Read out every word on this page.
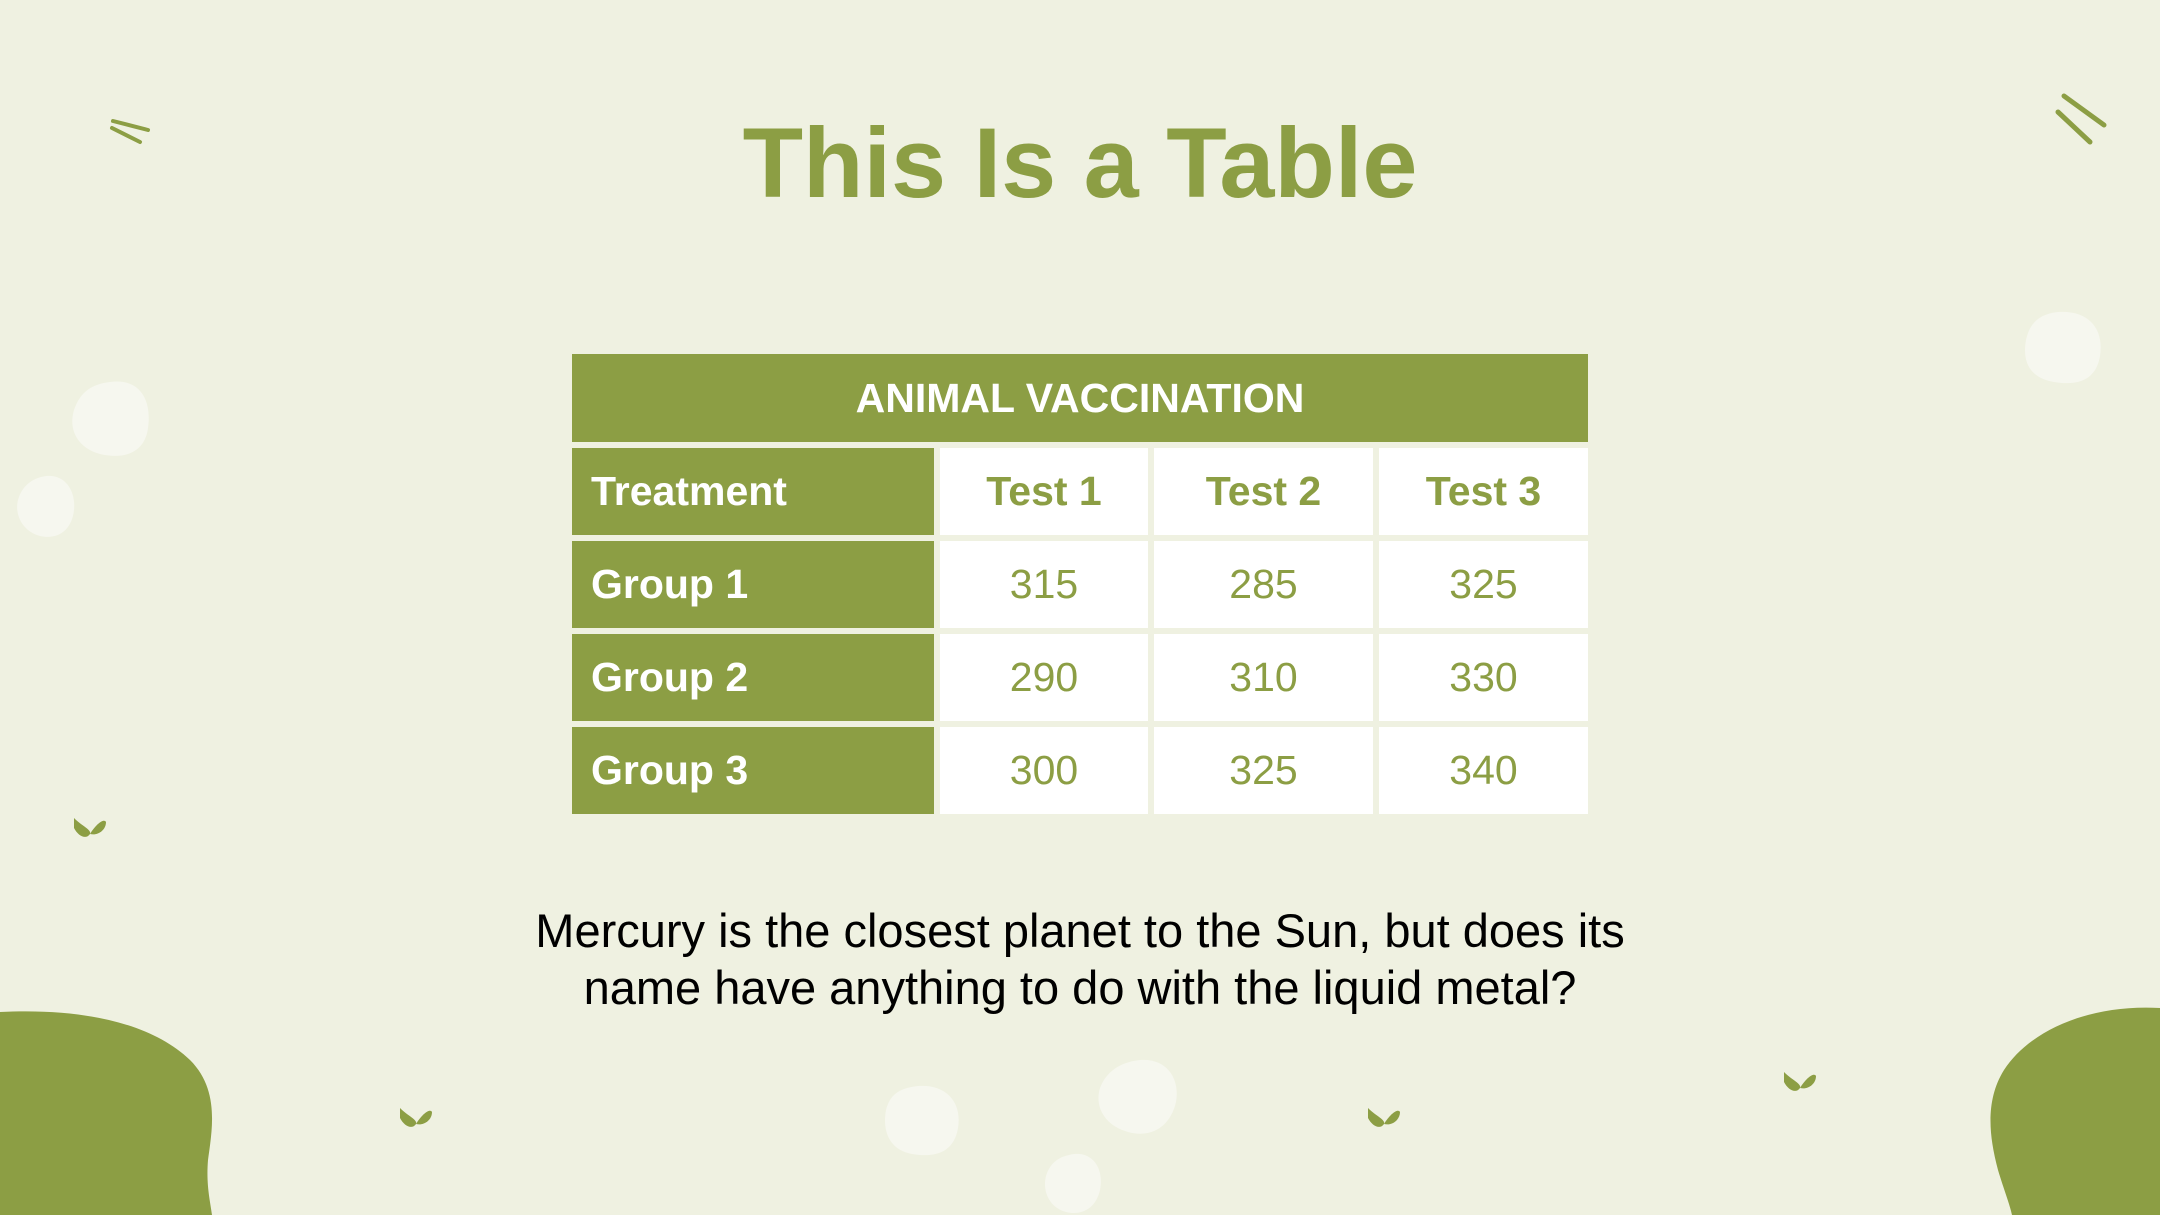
This Is a Table
ANIMAL VACCINATION			
Treatment	Test 1	Test 2	Test 3
Group 1	315	285	325
Group 2	290	310	330
Group 3	300	325	340
Mercury is the closest planet to the Sun, but does its
name have anything to do with the liquid metal?
